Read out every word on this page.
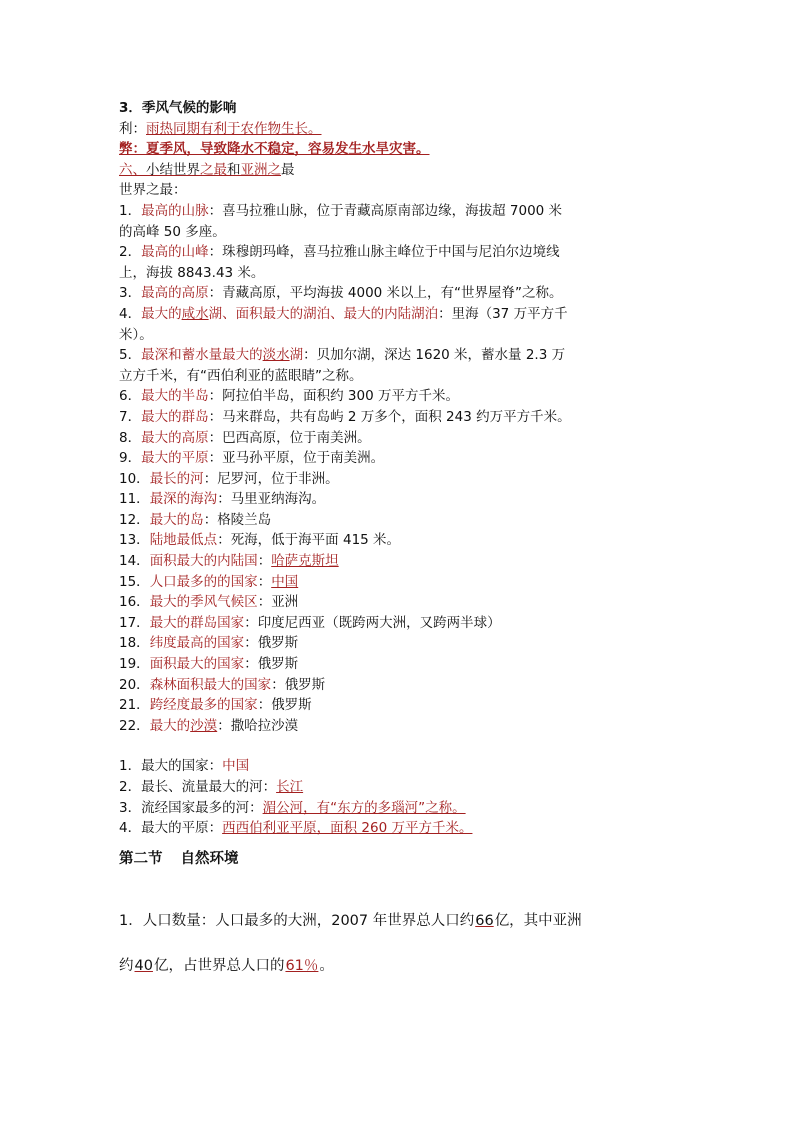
3．季风气候的影响
利：雨热同期有利于农作物生长。
弊：夏季风，导致降水不稳定，容易发生水旱灾害。
六、小结世界之最和亚洲之最
世界之最：
1．最高的山脉：喜马拉雅山脉，位于青藏高原南部边缘，海拔超 7000 米
的高峰 50 多座。
2．最高的山峰：珠穆朗玛峰，喜马拉雅山脉主峰位于中国与尼泊尔边境线
上，海拔 8843.43 米。
3．最高的高原：青藏高原，平均海拔 4000 米以上，有“世界屋脊”之称。
4．最大的咸水湖、面积最大的湖泊、最大的内陆湖泊：里海（37 万平方千
米）。
5．最深和蓄水量最大的淡水湖：贝加尔湖，深达 1620 米，蓄水量 2.3 万
立方千米，有“西伯利亚的蓝眼睛”之称。
6．最大的半岛：阿拉伯半岛，面积约 300 万平方千米。
7．最大的群岛：马来群岛，共有岛屿 2 万多个，面积 243 约万平方千米。
8．最大的高原：巴西高原，位于南美洲。
9．最大的平原：亚马孙平原，位于南美洲。
10．最长的河：尼罗河，位于非洲。
11．最深的海沟：马里亚纳海沟。
12．最大的岛：格陵兰岛
13．陆地最低点：死海，低于海平面 415 米。
14．面积最大的内陆国：哈萨克斯坦
15．人口最多的的国家：中国
16．最大的季风气候区：亚洲
17．最大的群岛国家：印度尼西亚（既跨两大洲，又跨两半球）
18．纬度最高的国家：俄罗斯
19．面积最大的国家：俄罗斯
20．森林面积最大的国家：俄罗斯
21．跨经度最多的国家：俄罗斯
22．最大的沙漠：撒哈拉沙漠
1．最大的国家：中国
2．最长、流量最大的河：长江
3．流经国家最多的河：湄公河，有“东方的多瑙河”之称。
4．最大的平原：西西伯利亚平原，面积 260 万平方千米。
第二节 自然环境
1．人口数量：人口最多的大洲，2007 年世界总人口约66亿，其中亚洲
约40亿，占世界总人口的61％。
